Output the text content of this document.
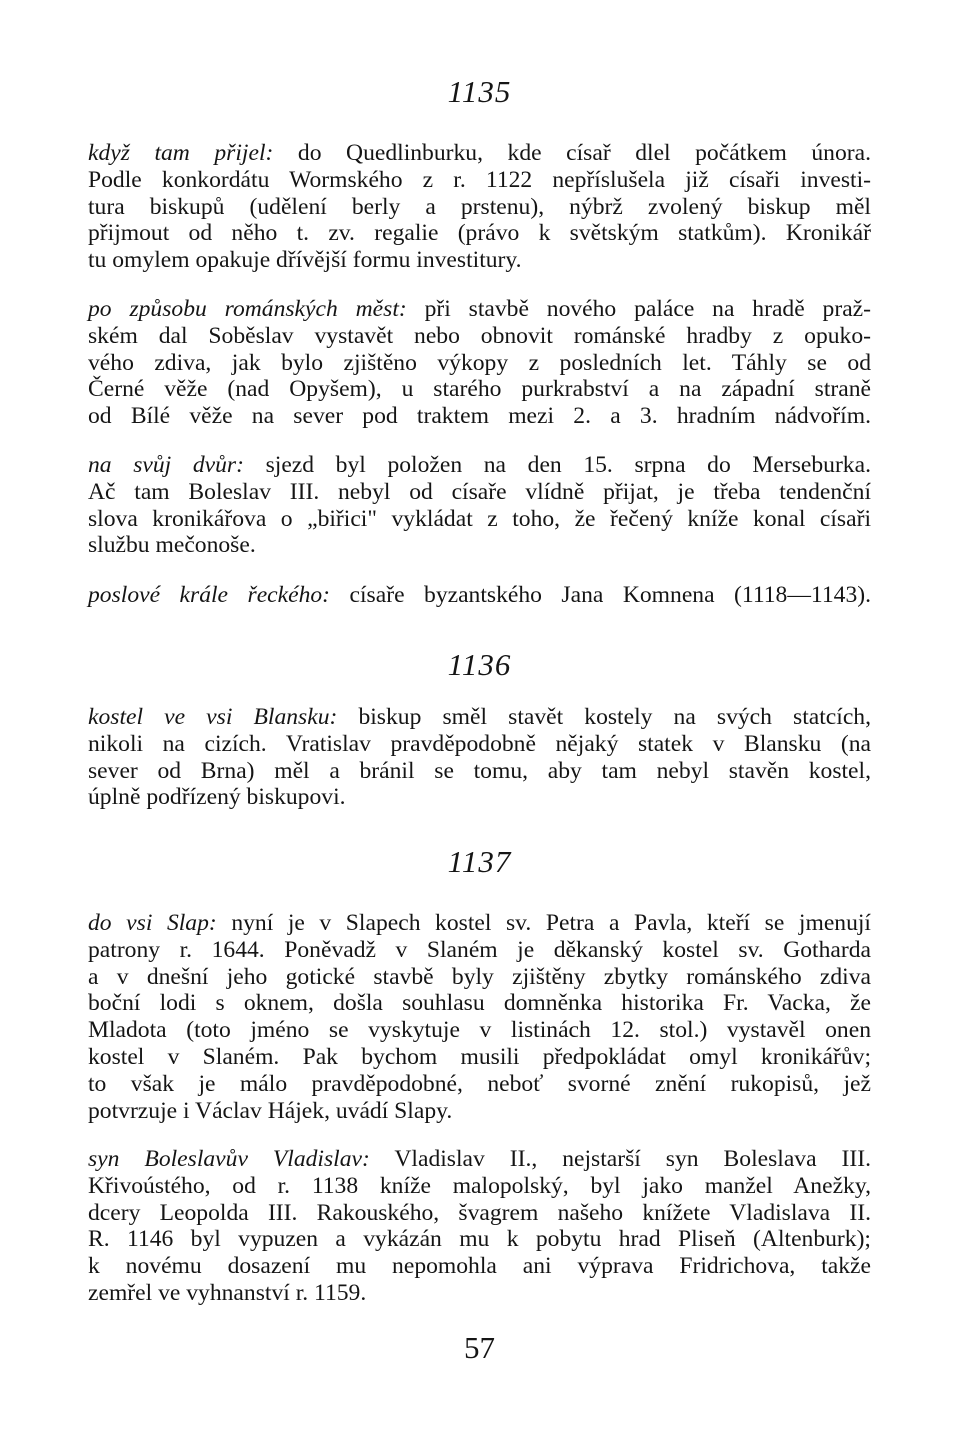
1135
když tam přijel: do Quedlinburku, kde císař dlel počátkem února.
Podle konkordátu Wormského z r. 1122 nepříslušela již císaři investi-
tura biskupů (udělení berly a prstenu), nýbrž zvolený biskup měl
přijmout od něho t. zv. regalie (právo k světským statkům). Kronikář
tu omylem opakuje dřívější formu investitury.
po způsobu románských měst: při stavbě nového paláce na hradě praž-
ském dal Soběslav vystavět nebo obnovit románské hradby z opuko-
vého zdiva, jak bylo zjištěno výkopy z posledních let. Táhly se od
Černé věže (nad Opyšem), u starého purkrabství a na západní straně
od Bílé věže na sever pod traktem mezi 2. a 3. hradním nádvořím.
na svůj dvůr: sjezd byl položen na den 15. srpna do Merseburka.
Ač tam Boleslav III. nebyl od císaře vlídně přijat, je třeba tendenční
slova kronikářova o „biřici" vykládat z toho, že řečený kníže konal císaři
službu mečonoše.
poslové krále řeckého: císaře byzantského Jana Komnena (1118—1143).
1136
kostel ve vsi Blansku: biskup směl stavět kostely na svých statcích,
nikoli na cizích. Vratislav pravděpodobně nějaký statek v Blansku (na
sever od Brna) měl a bránil se tomu, aby tam nebyl stavěn kostel,
úplně podřízený biskupovi.
1137
do vsi Slap: nyní je v Slapech kostel sv. Petra a Pavla, kteří se jmenují
patrony r. 1644. Poněvadž v Slaném je děkanský kostel sv. Gotharda
a v dnešní jeho gotické stavbě byly zjištěny zbytky románského zdiva
boční lodi s oknem, došla souhlasu domněnka historika Fr. Vacka, že
Mladota (toto jméno se vyskytuje v listinách 12. stol.) vystavěl onen
kostel v Slaném. Pak bychom musili předpokládat omyl kronikářův;
to však je málo pravděpodobné, neboť svorné znění rukopisů, jež
potvrzuje i Václav Hájek, uvádí Slapy.
syn Boleslavův Vladislav: Vladislav II., nejstarší syn Boleslava III.
Křivoústého, od r. 1138 kníže malopolský, byl jako manžel Anežky,
dcery Leopolda III. Rakouského, švagrem našeho knížete Vladislava II.
R. 1146 byl vypuzen a vykázán mu k pobytu hrad Pliseň (Altenburk);
k novému dosazení mu nepomohla ani výprava Fridrichova, takže
zemřel ve vyhnanství r. 1159.
57
